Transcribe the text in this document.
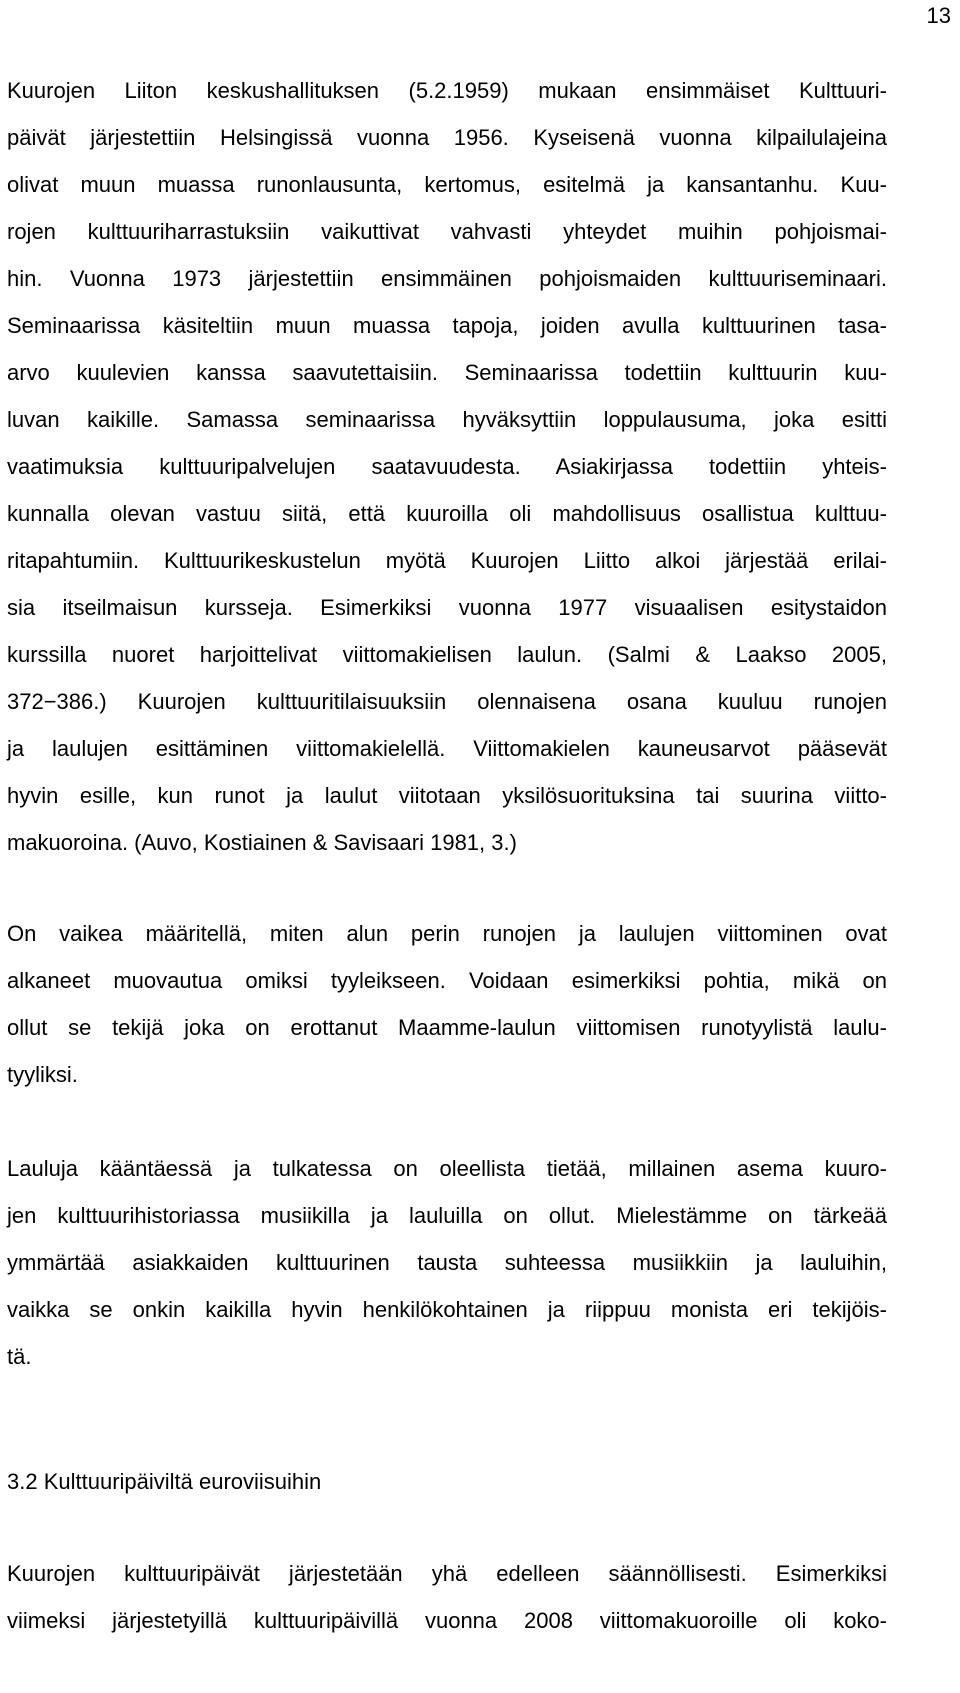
13
Kuurojen Liiton keskushallituksen (5.2.1959) mukaan ensimmäiset Kulttuuri-
päivät järjestettiin Helsingissä vuonna 1956. Kyseisenä vuonna kilpailulajeina
olivat muun muassa runonlausunta, kertomus, esitelmä ja kansantanhu. Kuu-
rojen kulttuuriharrastuksiin vaikuttivat vahvasti yhteydet muihin pohjoismai-
hin. Vuonna 1973 järjestettiin ensimmäinen pohjoismaiden kulttuuriseminaari.
Seminaarissa käsiteltiin muun muassa tapoja, joiden avulla kulttuurinen tasa-
arvo kuulevien kanssa saavutettaisiin. Seminaarissa todettiin kulttuurin kuu-
luvan kaikille. Samassa seminaarissa hyväksyttiin loppulausuma, joka esitti
vaatimuksia kulttuuripalvelujen saatavuudesta. Asiakirjassa todettiin yhteis-
kunnalla olevan vastuu siitä, että kuuroilla oli mahdollisuus osallistua kulttuu-
ritapahtumiin. Kulttuurikeskustelun myötä Kuurojen Liitto alkoi järjestää erilai-
sia itseilmaisun kursseja. Esimerkiksi vuonna 1977 visuaalisen esitystaidon
kurssilla nuoret harjoittelivat viittomakielisen laulun. (Salmi & Laakso 2005,
372−386.) Kuurojen kulttuuritilaisuuksiin olennaisena osana kuuluu runojen
ja laulujen esittäminen viittomakielellä. Viittomakielen kauneusarvot pääsevät
hyvin esille, kun runot ja laulut viitotaan yksilösuorituksina tai suurina viitto-
makuoroina. (Auvo, Kostiainen & Savisaari 1981, 3.)
On vaikea määritellä, miten alun perin runojen ja laulujen viittominen ovat
alkaneet muovautua omiksi tyyleikseen. Voidaan esimerkiksi pohtia, mikä on
ollut se tekijä joka on erottanut Maamme-laulun viittomisen runotyylistä laulu-
tyyliksi.
Lauluja kääntäessä ja tulkatessa on oleellista tietää, millainen asema kuuro-
jen kulttuurihistoriassa musiikilla ja lauluilla on ollut. Mielestämme on tärkeää
ymmärtää asiakkaiden kulttuurinen tausta suhteessa musiikkiin ja lauluihin,
vaikka se onkin kaikilla hyvin henkilökohtainen ja riippuu monista eri tekijöis-
tä.
3.2 Kulttuuripäiviltä euroviisuihin
Kuurojen kulttuuripäivät järjestetään yhä edelleen säännöllisesti. Esimerkiksi
viimeksi järjestetyillä kulttuuripäivillä vuonna 2008 viittomakuoroille oli koko-
